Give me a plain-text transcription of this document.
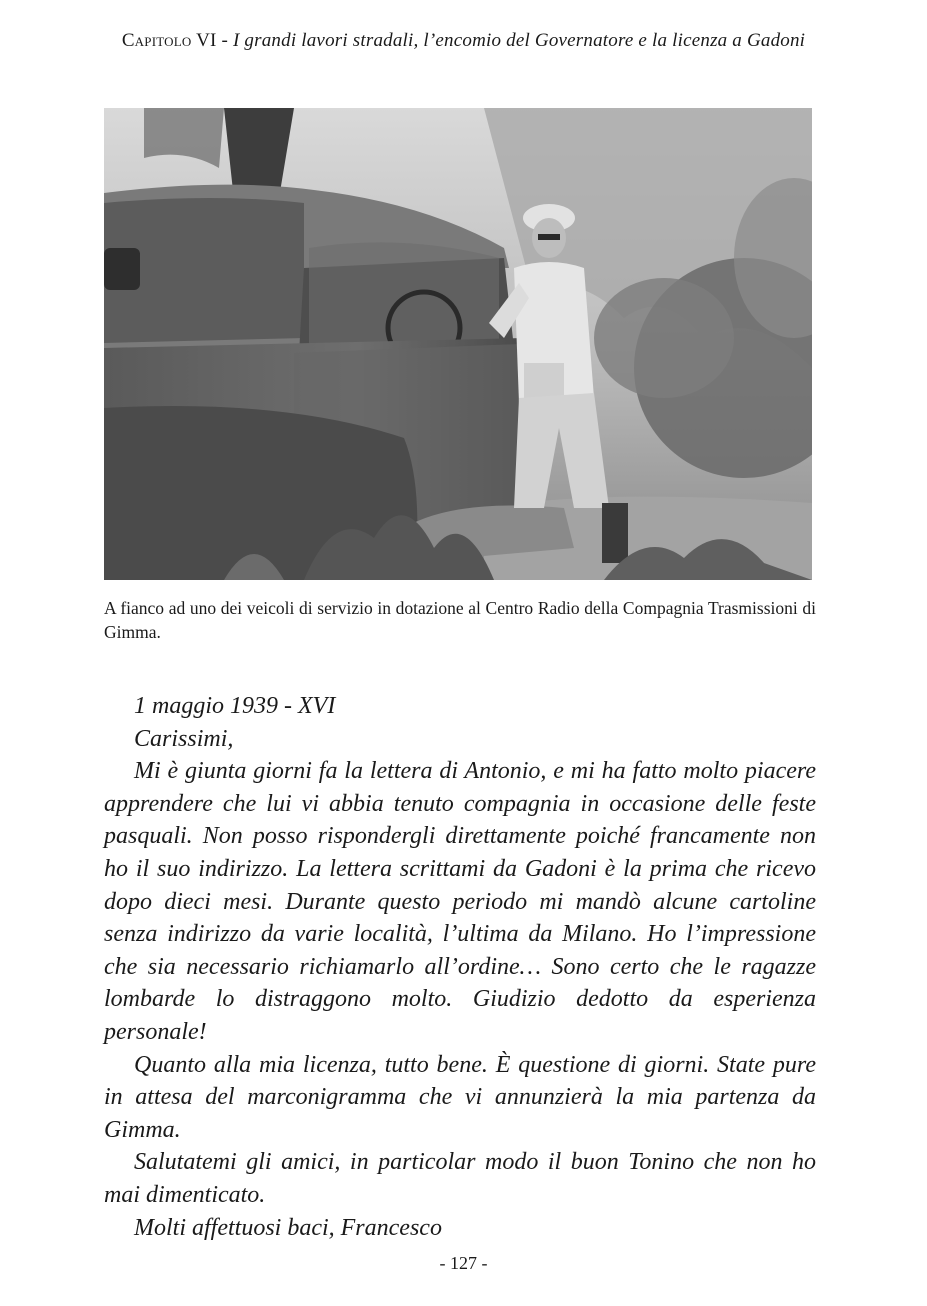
Capitolo VI - I grandi lavori stradali, l’encomio del Governatore e la licenza a Gadoni
A fianco ad uno dei veicoli di servizio in dotazione al Centro Radio della Compagnia Trasmissioni di Gimma.

1 maggio 1939 - XVI

Carissimi,

Mi è giunta giorni fa la lettera di Antonio, e mi ha fatto molto piacere apprendere che lui vi abbia tenuto compagnia in occasione delle feste pasquali. Non posso rispondergli direttamente poiché francamente non ho il suo indirizzo. La lettera scrittami da Gadoni è la prima che ricevo dopo dieci mesi. Durante questo periodo mi mandò alcune cartoline senza indirizzo da varie località, l’ultima da Milano. Ho l’impressione che sia necessario richiamarlo all’ordine… Sono certo che le ragazze lombarde lo distraggono molto. Giudizio dedotto da esperienza personale!

Quanto alla mia licenza, tutto bene. È questione di giorni. State pure in attesa del marconigramma che vi annunzierà la mia partenza da Gimma.

Salutatemi gli amici, in particolar modo il buon Tonino che non ho mai dimenticato.

Molti affettuosi baci, Francesco

- 127 -
